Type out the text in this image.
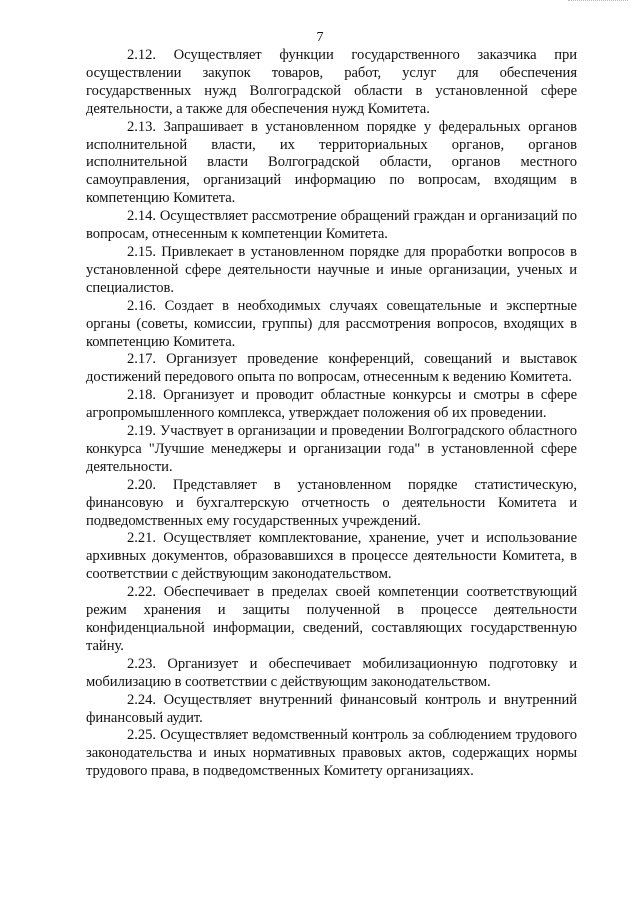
7

2.12. Осуществляет функции государственного заказчика при осуществлении закупок товаров, работ, услуг для обеспечения государственных нужд Волгоградской области в установленной сфере деятельности, а также для обеспечения нужд Комитета.

2.13. Запрашивает в установленном порядке у федеральных органов исполнительной власти, их территориальных органов, органов исполнительной власти Волгоградской области, органов местного самоуправления, организаций информацию по вопросам, входящим в компетенцию Комитета.

2.14. Осуществляет рассмотрение обращений граждан и организаций по вопросам, отнесенным к компетенции Комитета.

2.15. Привлекает в установленном порядке для проработки вопросов в установленной сфере деятельности научные и иные организации, ученых и специалистов.

2.16. Создает в необходимых случаях совещательные и экспертные органы (советы, комиссии, группы) для рассмотрения вопросов, входящих в компетенцию Комитета.

2.17. Организует проведение конференций, совещаний и выставок достижений передового опыта по вопросам, отнесенным к ведению Комитета.

2.18. Организует и проводит областные конкурсы и смотры в сфере агропромышленного комплекса, утверждает положения об их проведении.

2.19. Участвует в организации и проведении Волгоградского областного конкурса "Лучшие менеджеры и организации года" в установленной сфере деятельности.

2.20. Представляет в установленном порядке статистическую, финансовую и бухгалтерскую отчетность о деятельности Комитета и подведомственных ему государственных учреждений.

2.21. Осуществляет комплектование, хранение, учет и использование архивных документов, образовавшихся в процессе деятельности Комитета, в соответствии с действующим законодательством.

2.22. Обеспечивает в пределах своей компетенции соответствующий режим хранения и защиты полученной в процессе деятельности конфиденциальной информации, сведений, составляющих государственную тайну.

2.23. Организует и обеспечивает мобилизационную подготовку и мобилизацию в соответствии с действующим законодательством.

2.24. Осуществляет внутренний финансовый контроль и внутренний финансовый аудит.

2.25. Осуществляет ведомственный контроль за соблюдением трудового законодательства и иных нормативных правовых актов, содержащих нормы трудового права, в подведомственных Комитету организациях.
